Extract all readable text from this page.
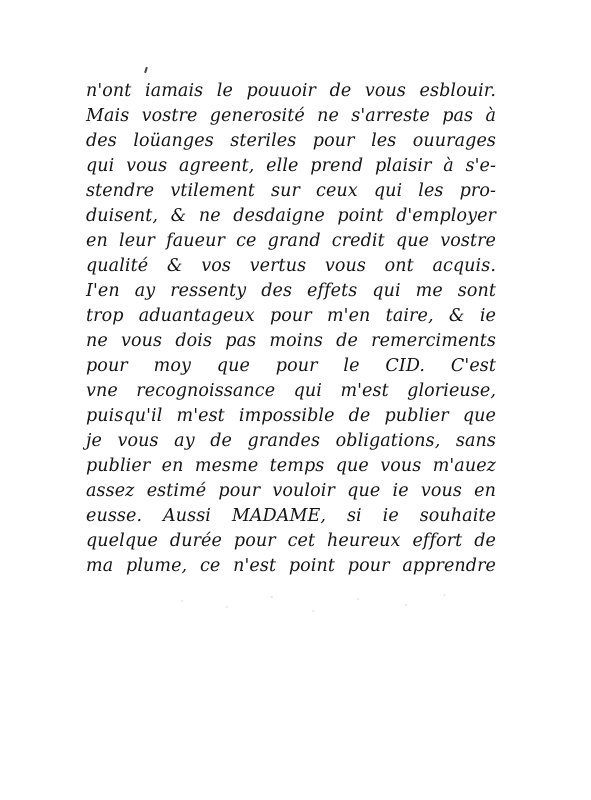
n'ont iamais le pouuoir de vous esblouir.
Mais vostre generosité ne s'arreste pas à
des loüanges steriles pour les ouurages
qui vous agreent, elle prend plaisir à s'e-
stendre vtilement sur ceux qui les pro-
duisent, & ne desdaigne point d'employer
en leur faueur ce grand credit que vostre
qualité & vos vertus vous ont acquis.
I'en ay ressenty des effets qui me sont
trop aduantageux pour m'en taire, & ie
ne vous dois pas moins de remerciments
pour moy que pour le CID. C'est
vne recognoissance qui m'est glorieuse,
puisqu'il m'est impossible de publier que
je vous ay de grandes obligations, sans
publier en mesme temps que vous m'auez
assez estimé pour vouloir que ie vous en
eusse. Aussi MADAME, si ie souhaite
quelque durée pour cet heureux effort de
ma plume, ce n'est point pour apprendre
